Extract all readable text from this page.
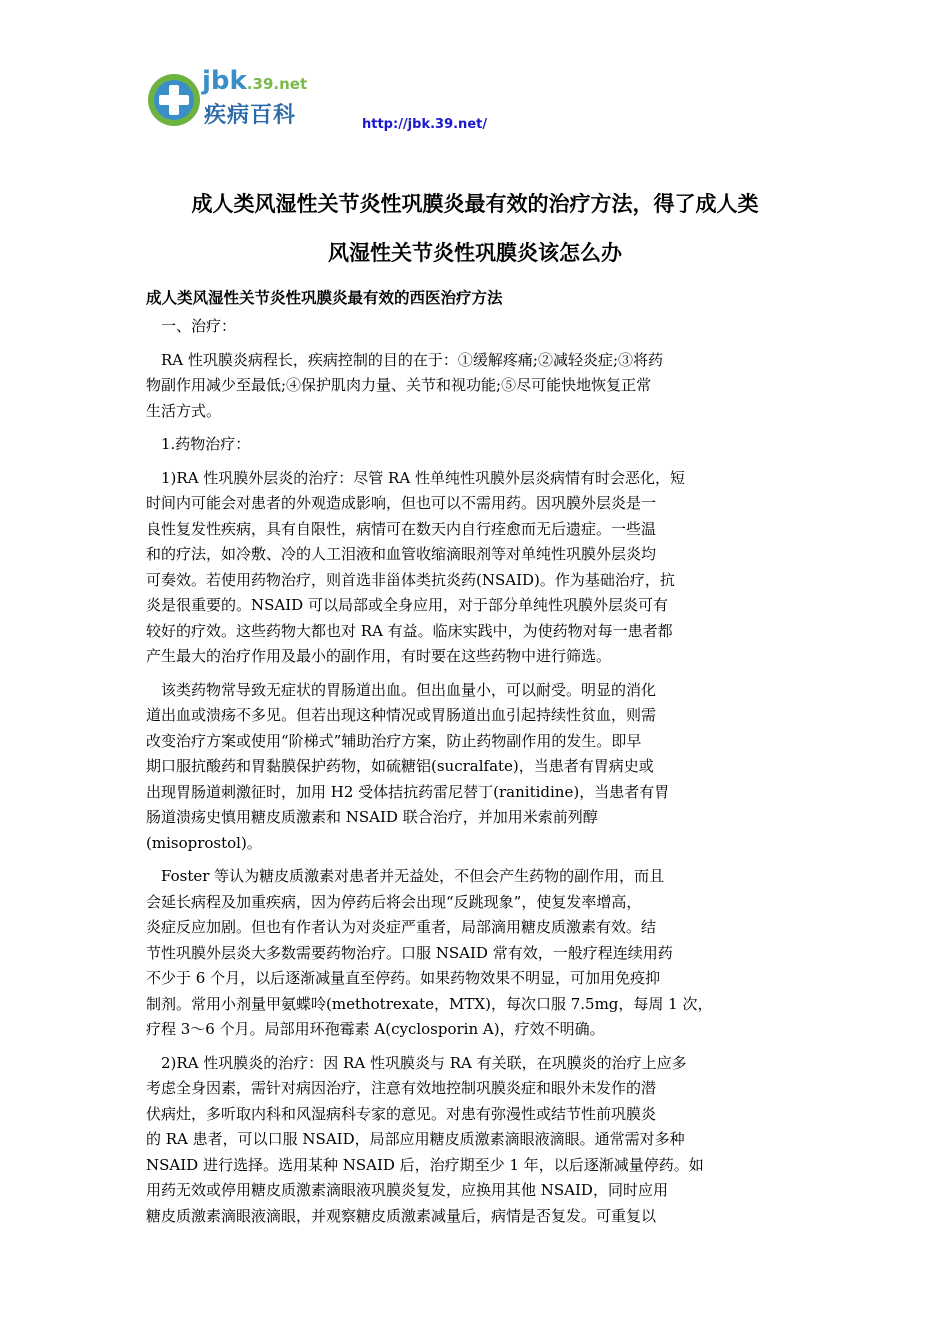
jbk.39.net
疾病百科	http://jbk.39.net/
成人类风湿性关节炎性巩膜炎最有效的治疗方法，得了成人类
风湿性关节炎性巩膜炎该怎么办
成人类风湿性关节炎性巩膜炎最有效的西医治疗方法
一、治疗：
RA 性巩膜炎病程长，疾病控制的目的在于：①缓解疼痛;②减轻炎症;③将药
物副作用减少至最低;④保护肌肉力量、关节和视功能;⑤尽可能快地恢复正常
生活方式。
1.药物治疗：
1)RA 性巩膜外层炎的治疗：尽管 RA 性单纯性巩膜外层炎病情有时会恶化，短
时间内可能会对患者的外观造成影响，但也可以不需用药。因巩膜外层炎是一
良性复发性疾病，具有自限性，病情可在数天内自行痊愈而无后遗症。一些温
和的疗法，如冷敷、冷的人工泪液和血管收缩滴眼剂等对单纯性巩膜外层炎均
可奏效。若使用药物治疗，则首选非甾体类抗炎药(NSAID)。作为基础治疗，抗
炎是很重要的。NSAID 可以局部或全身应用，对于部分单纯性巩膜外层炎可有
较好的疗效。这些药物大都也对 RA 有益。临床实践中，为使药物对每一患者都
产生最大的治疗作用及最小的副作用，有时要在这些药物中进行筛选。
该类药物常导致无症状的胃肠道出血。但出血量小，可以耐受。明显的消化
道出血或溃疡不多见。但若出现这种情况或胃肠道出血引起持续性贫血，则需
改变治疗方案或使用“阶梯式”辅助治疗方案，防止药物副作用的发生。即早
期口服抗酸药和胃黏膜保护药物，如硫糖铝(sucralfate)，当患者有胃病史或
出现胃肠道刺激征时，加用 H2 受体拮抗药雷尼替丁(ranitidine)，当患者有胃
肠道溃疡史慎用糖皮质激素和 NSAID 联合治疗，并加用米索前列醇
(misoprostol)。
Foster 等认为糖皮质激素对患者并无益处，不但会产生药物的副作用，而且
会延长病程及加重疾病，因为停药后将会出现“反跳现象”，使复发率增高，
炎症反应加剧。但也有作者认为对炎症严重者，局部滴用糖皮质激素有效。结
节性巩膜外层炎大多数需要药物治疗。口服 NSAID 常有效，一般疗程连续用药
不少于 6 个月，以后逐渐减量直至停药。如果药物效果不明显，可加用免疫抑
制剂。常用小剂量甲氨蝶呤(methotrexate，MTX)，每次口服 7.5mg，每周 1 次，
疗程 3～6 个月。局部用环孢霉素 A(cyclosporin A)，疗效不明确。
2)RA 性巩膜炎的治疗：因 RA 性巩膜炎与 RA 有关联，在巩膜炎的治疗上应多
考虑全身因素，需针对病因治疗，注意有效地控制巩膜炎症和眼外未发作的潜
伏病灶，多听取内科和风湿病科专家的意见。对患有弥漫性或结节性前巩膜炎
的 RA 患者，可以口服 NSAID，局部应用糖皮质激素滴眼液滴眼。通常需对多种
NSAID 进行选择。选用某种 NSAID 后，治疗期至少 1 年，以后逐渐减量停药。如
用药无效或停用糖皮质激素滴眼液巩膜炎复发，应换用其他 NSAID，同时应用
糖皮质激素滴眼液滴眼，并观察糖皮质激素减量后，病情是否复发。可重复以
